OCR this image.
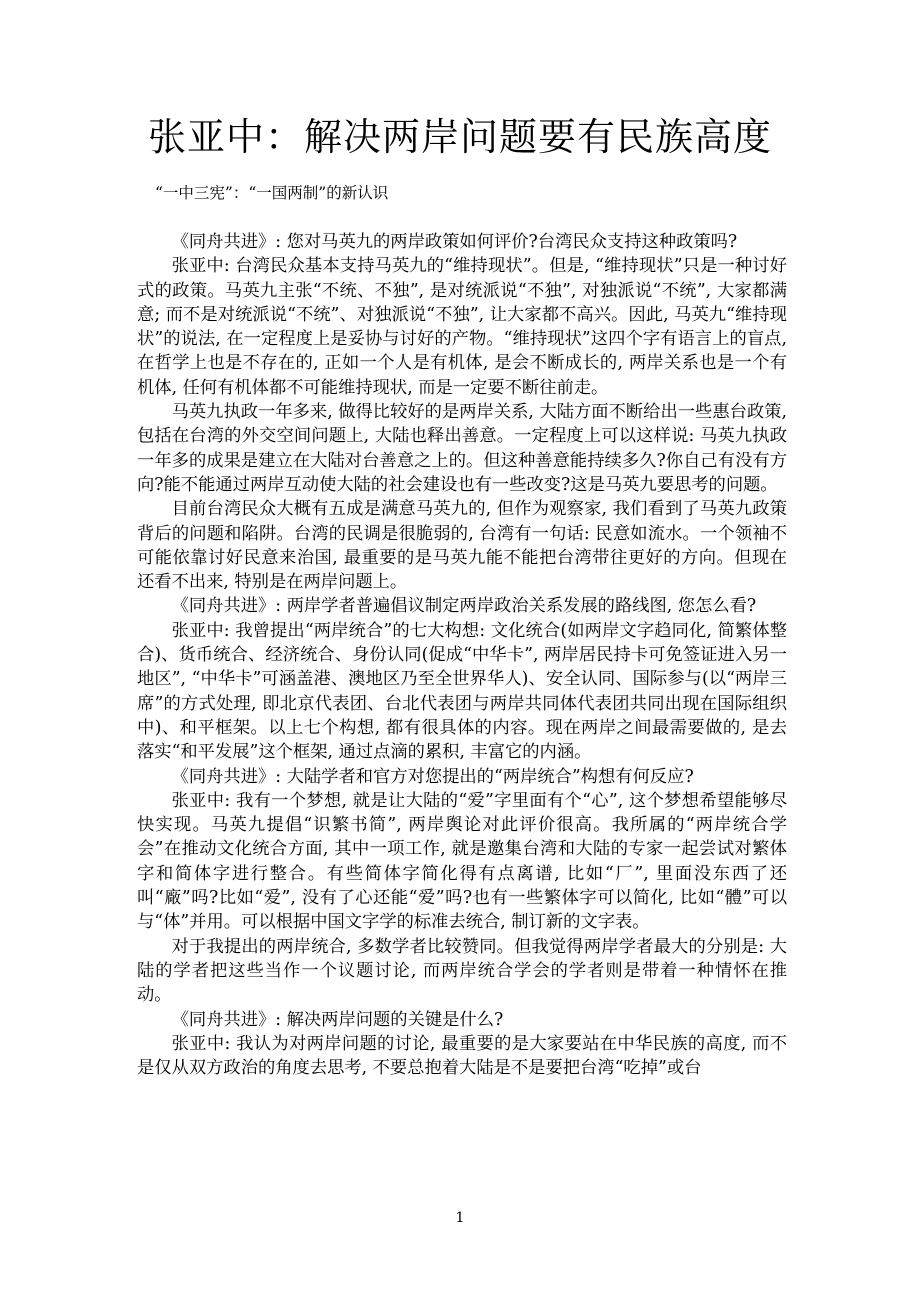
张亚中：解决两岸问题要有民族高度
“一中三宪”：“一国两制”的新认识

《同舟共进》: 您对马英九的两岸政策如何评价?台湾民众支持这种政策吗?

张亚中: 台湾民众基本支持马英九的“维持现状”。但是, “维持现状”只是一种讨好式的政策。马英九主张“不统、不独”, 是对统派说“不独”, 对独派说“不统”, 大家都满意; 而不是对统派说“不统”、对独派说“不独”, 让大家都不高兴。因此, 马英九“维持现状”的说法, 在一定程度上是妥协与讨好的产物。“维持现状”这四个字有语言上的盲点, 在哲学上也是不存在的, 正如一个人是有机体, 是会不断成长的, 两岸关系也是一个有机体, 任何有机体都不可能维持现状, 而是一定要不断往前走。

马英九执政一年多来, 做得比较好的是两岸关系, 大陆方面不断给出一些惠台政策, 包括在台湾的外交空间问题上, 大陆也释出善意。一定程度上可以这样说: 马英九执政一年多的成果是建立在大陆对台善意之上的。但这种善意能持续多久?你自己有没有方向?能不能通过两岸互动使大陆的社会建设也有一些改变?这是马英九要思考的问题。

目前台湾民众大概有五成是满意马英九的, 但作为观察家, 我们看到了马英九政策背后的问题和陷阱。台湾的民调是很脆弱的, 台湾有一句话: 民意如流水。一个领袖不可能依靠讨好民意来治国, 最重要的是马英九能不能把台湾带往更好的方向。但现在还看不出来, 特别是在两岸问题上。

《同舟共进》: 两岸学者普遍倡议制定两岸政治关系发展的路线图, 您怎么看?

张亚中: 我曾提出“两岸统合”的七大构想: 文化统合(如两岸文字趋同化, 简繁体整合)、货币统合、经济统合、身份认同(促成“中华卡”, 两岸居民持卡可免签证进入另一地区”, “中华卡”可涵盖港、澳地区乃至全世界华人)、安全认同、国际参与(以“两岸三席”的方式处理, 即北京代表团、台北代表团与两岸共同体代表团共同出现在国际组织中)、和平框架。以上七个构想, 都有很具体的内容。现在两岸之间最需要做的, 是去落实“和平发展”这个框架, 通过点滴的累积, 丰富它的内涵。

《同舟共进》: 大陆学者和官方对您提出的“两岸统合”构想有何反应?

张亚中: 我有一个梦想, 就是让大陆的“爱”字里面有个“心”, 这个梦想希望能够尽快实现。马英九提倡“识繁书简”, 两岸舆论对此评价很高。我所属的“两岸统合学会”在推动文化统合方面, 其中一项工作, 就是邀集台湾和大陆的专家一起尝试对繁体字和简体字进行整合。有些简体字简化得有点离谱, 比如“厂”, 里面没东西了还叫“廠”吗?比如“爱”, 没有了心还能“爱”吗?也有一些繁体字可以简化, 比如“體”可以与“体”并用。可以根据中国文字学的标准去统合, 制订新的文字表。

对于我提出的两岸统合, 多数学者比较赞同。但我觉得两岸学者最大的分别是: 大陆的学者把这些当作一个议题讨论, 而两岸统合学会的学者则是带着一种情怀在推动。

《同舟共进》: 解决两岸问题的关键是什么?

张亚中: 我认为对两岸问题的讨论, 最重要的是大家要站在中华民族的高度, 而不是仅从双方政治的角度去思考, 不要总抱着大陆是不是要把台湾“吃掉”或台

1
